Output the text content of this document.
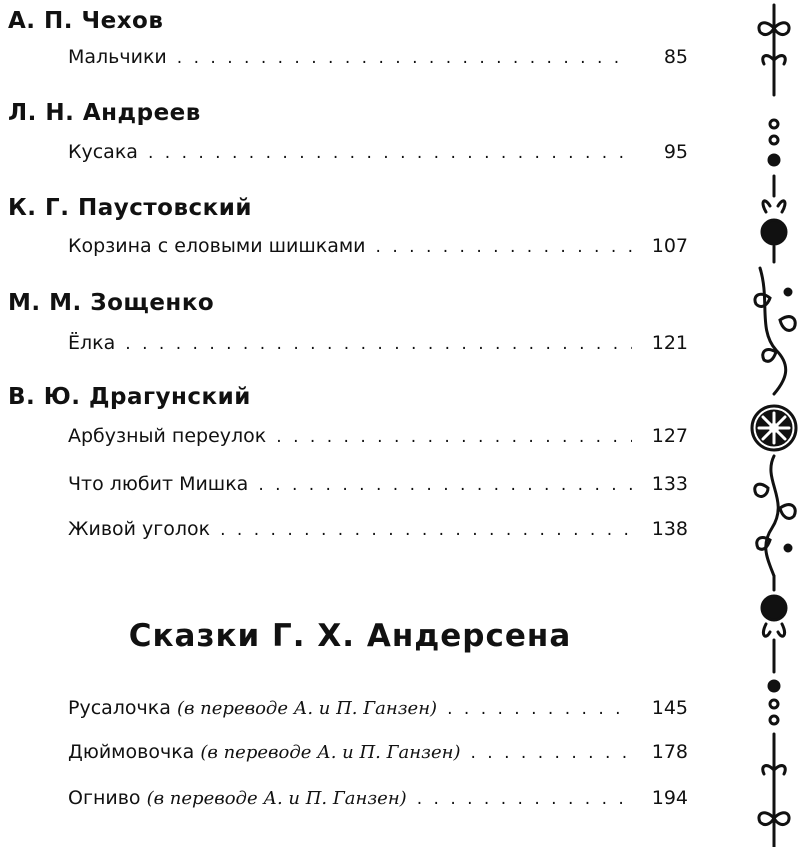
А. П. Чехов
Мальчики . . .	85
Л. Н. Андреев
Кусака . . .	95
К. Г. Паустовский
Корзина с еловыми шишками . . .	107
М. М. Зощенко
Ёлка . . .	121
В. Ю. Драгунский
Арбузный переулок . . .	127
Что любит Мишка . . .	133
Живой уголок . . .	138
Сказки Г. Х. Андерсена
Русалочка (в переводе А. и П. Ганзен) . . .	145
Дюймовочка (в переводе А. и П. Ганзен) . . .	178
Огниво (в переводе А. и П. Ганзен) . . .	194
